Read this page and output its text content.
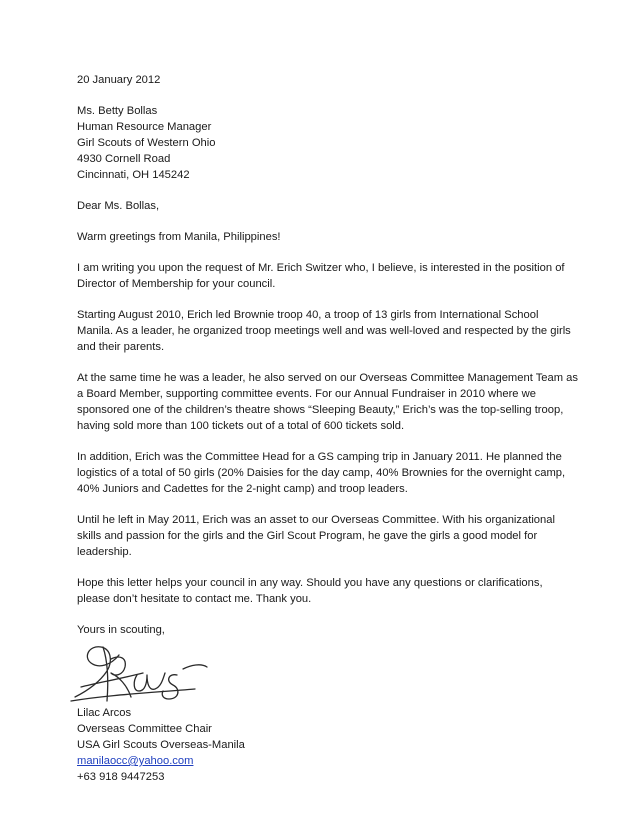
20 January 2012
Ms. Betty Bollas
Human Resource Manager
Girl Scouts of Western Ohio
4930 Cornell Road
Cincinnati, OH 145242
Dear Ms. Bollas,
Warm greetings from Manila, Philippines!
I am writing you upon the request of Mr. Erich Switzer who, I believe, is interested in the position of
Director of Membership for your council.
Starting August 2010, Erich led Brownie troop 40, a troop of 13 girls from International School
Manila. As a leader, he organized troop meetings well and was well-loved and respected by the girls
and their parents.
At the same time he was a leader, he also served on our Overseas Committee Management Team as
a Board Member, supporting committee events. For our Annual Fundraiser in 2010 where we
sponsored one of the children’s theatre shows “Sleeping Beauty,” Erich’s was the top-selling troop,
having sold more than 100 tickets out of a total of 600 tickets sold.
In addition, Erich was the Committee Head for a GS camping trip in January 2011. He planned the
logistics of a total of 50 girls (20% Daisies for the day camp, 40% Brownies for the overnight camp,
40% Juniors and Cadettes for the 2-night camp) and troop leaders.
Until he left in May 2011, Erich was an asset to our Overseas Committee. With his organizational
skills and passion for the girls and the Girl Scout Program, he gave the girls a good model for
leadership.
Hope this letter helps your council in any way. Should you have any questions or clarifications,
please don’t hesitate to contact me. Thank you.
Yours in scouting,
Lilac Arcos
Overseas Committee Chair
USA Girl Scouts Overseas-Manila
manilaocc@yahoo.com
+63 918 9447253
